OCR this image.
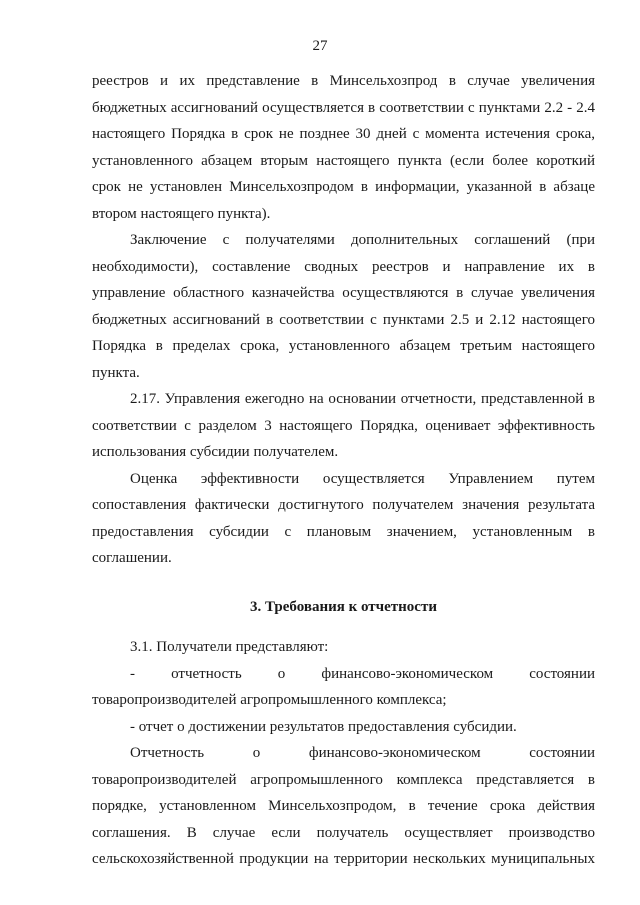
27
реестров и их представление в Минсельхозпрод в случае увеличения
бюджетных ассигнований осуществляется в соответствии с пунктами 2.2 - 2.4
настоящего Порядка в срок не позднее 30 дней с момента истечения срока,
установленного абзацем вторым настоящего пункта (если более короткий
срок не установлен Минсельхозпродом в информации, указанной в абзаце
втором настоящего пункта).
Заключение с получателями дополнительных соглашений (при
необходимости), составление сводных реестров и направление их в
управление областного казначейства осуществляются в случае увеличения
бюджетных ассигнований в соответствии с пунктами 2.5 и 2.12 настоящего
Порядка в пределах срока, установленного абзацем третьим настоящего
пункта.
2.17. Управления ежегодно на основании отчетности, представленной в
соответствии с разделом 3 настоящего Порядка, оценивает эффективность
использования субсидии получателем.
Оценка эффективности осуществляется Управлением путем
сопоставления фактически достигнутого получателем значения результата
предоставления субсидии с плановым значением, установленным в
соглашении.
3. Требования к отчетности
3.1. Получатели представляют:
- отчетность о финансово-экономическом состоянии
товаропроизводителей агропромышленного комплекса;
- отчет о достижении результатов предоставления субсидии.
Отчетность о финансово-экономическом состоянии
товаропроизводителей агропромышленного комплекса представляется в
порядке, установленном Минсельхозпродом, в течение срока действия
соглашения. В случае если получатель осуществляет производство
сельскохозяйственной продукции на территории нескольких муниципальных
